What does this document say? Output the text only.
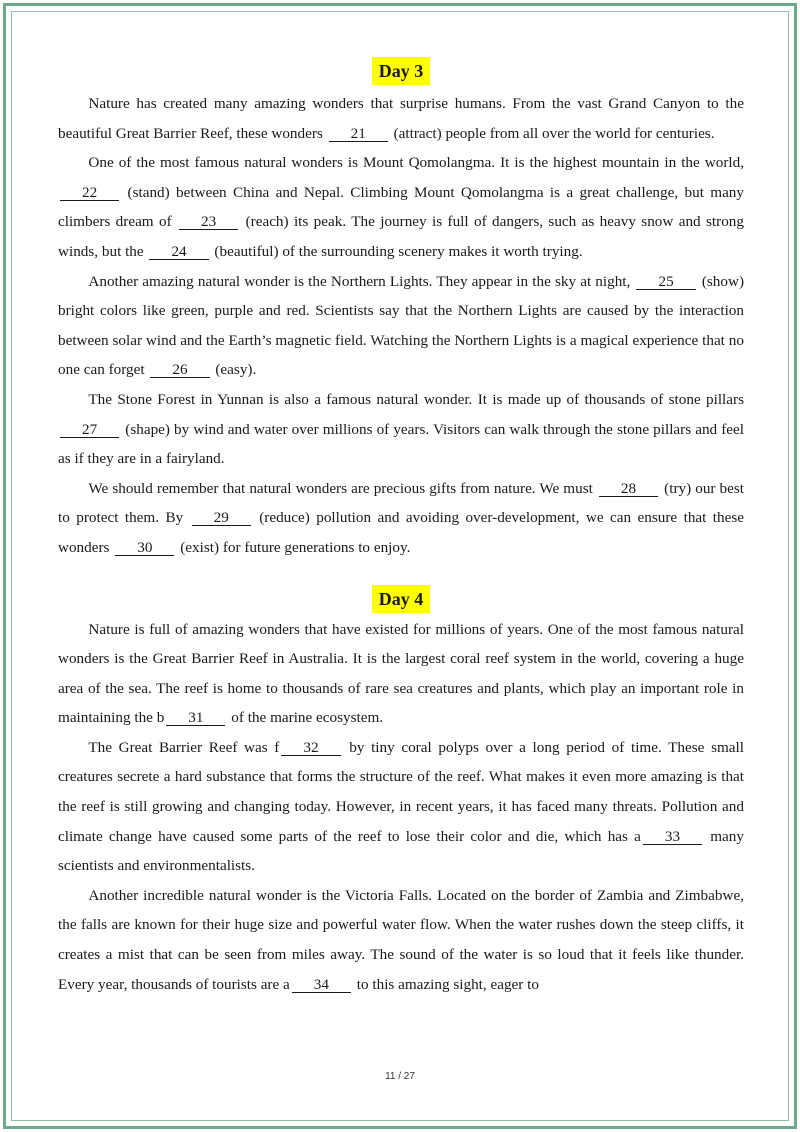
Day 3

Nature has created many amazing wonders that surprise humans. From the vast Grand Canyon to the beautiful Great Barrier Reef, these wonders 21 (attract) people from all over the world for centuries.

One of the most famous natural wonders is Mount Qomolangma. It is the highest mountain in the world, 22 (stand) between China and Nepal. Climbing Mount Qomolangma is a great challenge, but many climbers dream of 23 (reach) its peak. The journey is full of dangers, such as heavy snow and strong winds, but the 24 (beautiful) of the surrounding scenery makes it worth trying.

Another amazing natural wonder is the Northern Lights. They appear in the sky at night, 25 (show) bright colors like green, purple and red. Scientists say that the Northern Lights are caused by the interaction between solar wind and the Earth’s magnetic field. Watching the Northern Lights is a magical experience that no one can forget 26 (easy).

The Stone Forest in Yunnan is also a famous natural wonder. It is made up of thousands of stone pillars 27 (shape) by wind and water over millions of years. Visitors can walk through the stone pillars and feel as if they are in a fairyland.

We should remember that natural wonders are precious gifts from nature. We must 28 (try) our best to protect them. By 29 (reduce) pollution and avoiding over-development, we can ensure that these wonders 30 (exist) for future generations to enjoy.

Day 4

Nature is full of amazing wonders that have existed for millions of years. One of the most famous natural wonders is the Great Barrier Reef in Australia. It is the largest coral reef system in the world, covering a huge area of the sea. The reef is home to thousands of rare sea creatures and plants, which play an important role in maintaining the b 31 of the marine ecosystem.

The Great Barrier Reef was f 32 by tiny coral polyps over a long period of time. These small creatures secrete a hard substance that forms the structure of the reef. What makes it even more amazing is that the reef is still growing and changing today. However, in recent years, it has faced many threats. Pollution and climate change have caused some parts of the reef to lose their color and die, which has a 33 many scientists and environmentalists.

Another incredible natural wonder is the Victoria Falls. Located on the border of Zambia and Zimbabwe, the falls are known for their huge size and powerful water flow. When the water rushes down the steep cliffs, it creates a mist that can be seen from miles away. The sound of the water is so loud that it feels like thunder. Every year, thousands of tourists are a 34 to this amazing sight, eager to

11 / 27
